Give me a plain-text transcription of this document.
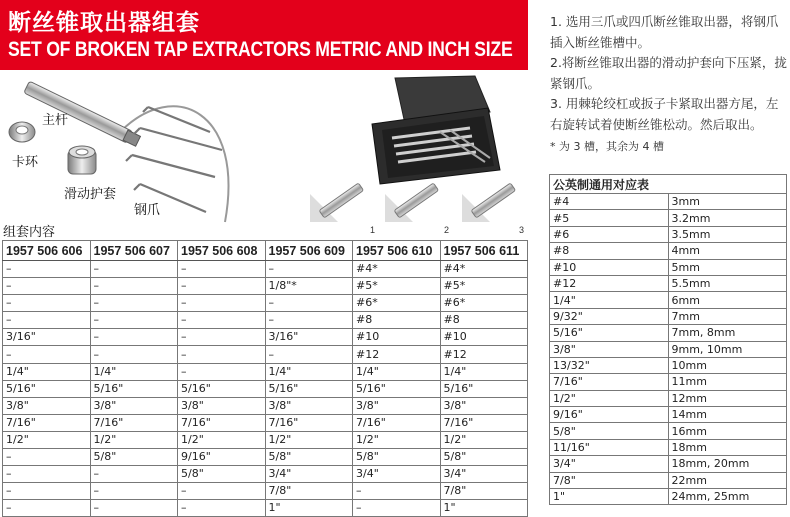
断丝锥取出器组套
SET OF BROKEN TAP EXTRACTORS METRIC AND INCH SIZE
1	2	3
主杆
卡环
滑动护套
钢爪
组套内容
1957 506 606	1957 506 607	1957 506 608	1957 506 609	1957 506 610	1957 506 611
–	–	–	–	#4*	#4*
–	–	–	1/8"*	#5*	#5*
–	–	–	–	#6*	#6*
–	–	–	–	#8	#8
3/16"	–	–	3/16"	#10	#10
–	–	–	–	#12	#12
1/4"	1/4"	–	1/4"	1/4"	1/4"
5/16"	5/16"	5/16"	5/16"	5/16"	5/16"
3/8"	3/8"	3/8"	3/8"	3/8"	3/8"
7/16"	7/16"	7/16"	7/16"	7/16"	7/16"
1/2"	1/2"	1/2"	1/2"	1/2"	1/2"
–	5/8"	9/16"	5/8"	5/8"	5/8"
–	–	5/8"	3/4"	3/4"	3/4"
–	–	–	7/8"	–	7/8"
–	–	–	1"	–	1"

1. 选用三爪或四爪断丝锥取出器，将钢爪插入断丝锥槽中。

2.将断丝锥取出器的滑动护套向下压紧，拢紧钢爪。

3. 用棘轮绞杠或扳子卡紧取出器方尾，左右旋转试着使断丝锥松动。然后取出。

* 为 3 槽，其余为 4 槽

公英制通用对应表	
#4	3mm
#5	3.2mm
#6	3.5mm
#8	4mm
#10	5mm
#12	5.5mm
1/4"	6mm
9/32"	7mm
5/16"	7mm, 8mm
3/8"	9mm, 10mm
13/32"	10mm
7/16"	11mm
1/2"	12mm
9/16"	14mm
5/8"	16mm
11/16"	18mm
3/4"	18mm, 20mm
7/8"	22mm
1"	24mm, 25mm
